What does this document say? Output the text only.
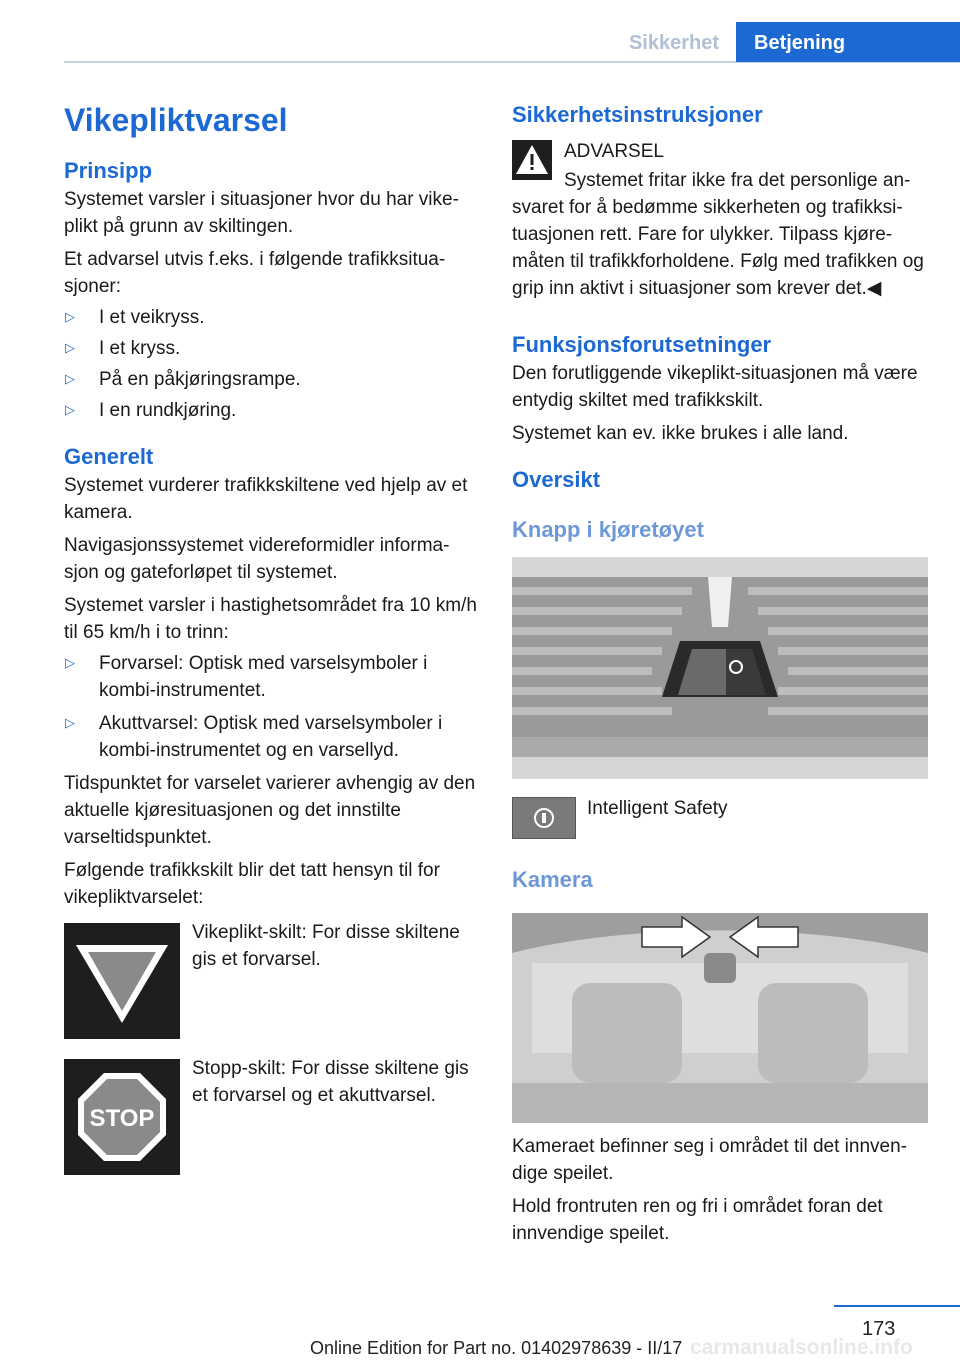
Sikkerhet	Betjening
Vikepliktvarsel
Prinsipp

Systemet varsler i situasjoner hvor du har vike-plikt på grunn av skiltingen.

Et advarsel utvis f.eks. i følgende trafikksitua-sjoner:

▷ I et veikryss.
▷ I et kryss.
▷ På en påkjøringsrampe.
▷ I en rundkjøring.
Generelt

Systemet vurderer trafikkskiltene ved hjelp av et kamera.

Navigasjonssystemet videreformidler informa-sjon og gateforløpet til systemet.

Systemet varsler i hastighetsområdet fra 10 km/h til 65 km/h i to trinn:

▷ Forvarsel: Optisk med varselsymboler i kombi-instrumentet.
▷ Akuttvarsel: Optisk med varselsymboler i kombi-instrumentet og en varsellyd.

Tidspunktet for varselet varierer avhengig av den aktuelle kjøresituasjonen og det innstilte varseltidspunktet.

Følgende trafikkskilt blir det tatt hensyn til for vikepliktvarselet:

Vikeplikt-skilt: For disse skiltene gis et forvarsel.
STOP
Stopp-skilt: For disse skiltene gis et forvarsel og et akuttvarsel.
Sikkerhetsinstruksjoner
ADVARSEL

Systemet fritar ikke fra det personlige an-svaret for å bedømme sikkerheten og trafikksi-tuasjonen rett. Fare for ulykker. Tilpass kjøre-måten til trafikkforholdene. Følg med trafikken og grip inn aktivt i situasjoner som krever det.◀

Funksjonsforutsetninger

Den forutliggende vikeplikt-situasjonen må være entydig skiltet med trafikkskilt.

Systemet kan ev. ikke brukes i alle land.

Oversikt
Knapp i kjøretøyet
Intelligent Safety
Kamera

Kameraet befinner seg i området til det innven-dige speilet.

Hold frontruten ren og fri i området foran det innvendige speilet.

173
Online Edition for Part no. 01402978639 - II/17 carmanualsonline.info
